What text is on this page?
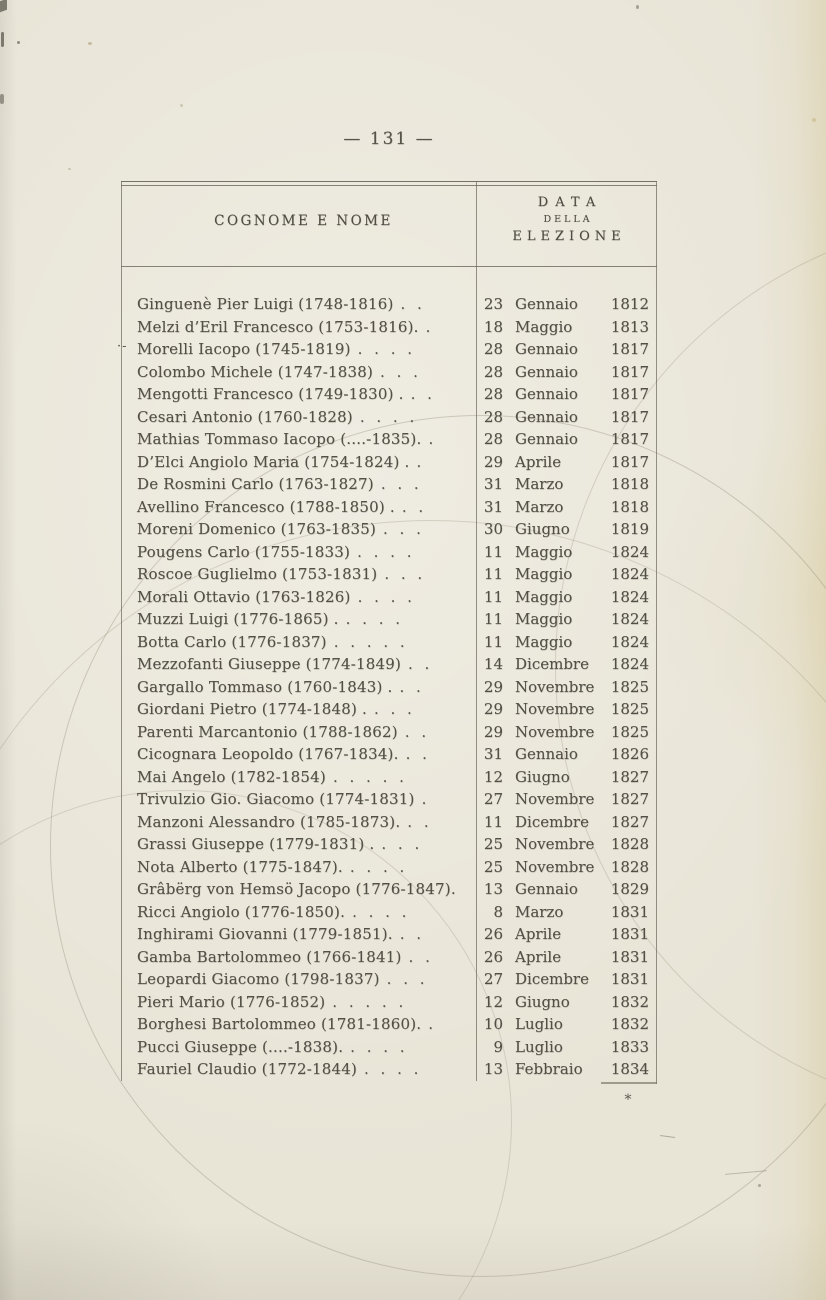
— 131 —
COGNOME E NOME
DATA
DELLA
ELEZIONE
Ginguenè Pier Luigi (1748-1816) . .	23 Gennaio 1812
Melzi d’Eril Francesco (1753-1816). .	18 Maggio	1813
Morelli Iacopo (1745-1819) . . . .	28 Gennaio 1817
Colombo Michele (1747-1838) . . .	28 Gennaio 1817
Mengotti Francesco (1749-1830) . . .	28 Gennaio 1817
Cesari Antonio (1760-1828) . . . .	28 Gennaio 1817
Mathias Tommaso Iacopo (....-1835). .	28 Gennaio 1817
D’Elci Angiolo Maria (1754-1824) . .	29 Aprile	1817
De Rosmini Carlo (1763-1827) . . .	31 Marzo	1818
Avellino Francesco (1788-1850) . . .	31 Marzo	1818
Moreni Domenico (1763-1835) . . .	30 Giugno	1819
Pougens Carlo (1755-1833) . . . .	11 Maggio	1824
Roscoe Guglielmo (1753-1831) . . .	11 Maggio	1824
Morali Ottavio (1763-1826) . . . .	11 Maggio	1824
Muzzi Luigi (1776-1865) . . . . .	11 Maggio	1824
Botta Carlo (1776-1837) . . . . .	11 Maggio	1824
Mezzofanti Giuseppe (1774-1849) . .	14 Dicembre 1824
Gargallo Tommaso (1760-1843) . . .	29 Novembre 1825
Giordani Pietro (1774-1848) . . . .	29 Novembre 1825
Parenti Marcantonio (1788-1862) . .	29 Novembre 1825
Cicognara Leopoldo (1767-1834). . .	31 Gennaio 1826
Mai Angelo (1782-1854) . . . . .	12 Giugno	1827
Trivulzio Gio. Giacomo (1774-1831) .	27 Novembre 1827
Manzoni Alessandro (1785-1873). . .	11 Dicembre 1827
Grassi Giuseppe (1779-1831) . . . .	25 Novembre 1828
Nota Alberto (1775-1847). . . . .	25 Novembre 1828
Grâbërg von Hemsö Jacopo (1776-1847).	13 Gennaio 1829
Ricci Angiolo (1776-1850). . . . .	8 Marzo	1831
Inghirami Giovanni (1779-1851). . .	26 Aprile	1831
Gamba Bartolommeo (1766-1841) . .	26 Aprile	1831
Leopardi Giacomo (1798-1837) . . .	27 Dicembre 1831
Pieri Mario (1776-1852) . . . . .	12 Giugno	1832
Borghesi Bartolommeo (1781-1860). .	10 Luglio	1832
Pucci Giuseppe (....-1838). . . . .	9 Luglio	1833
Fauriel Claudio (1772-1844) . . . .	13 Febbraio 1834
*
·-
